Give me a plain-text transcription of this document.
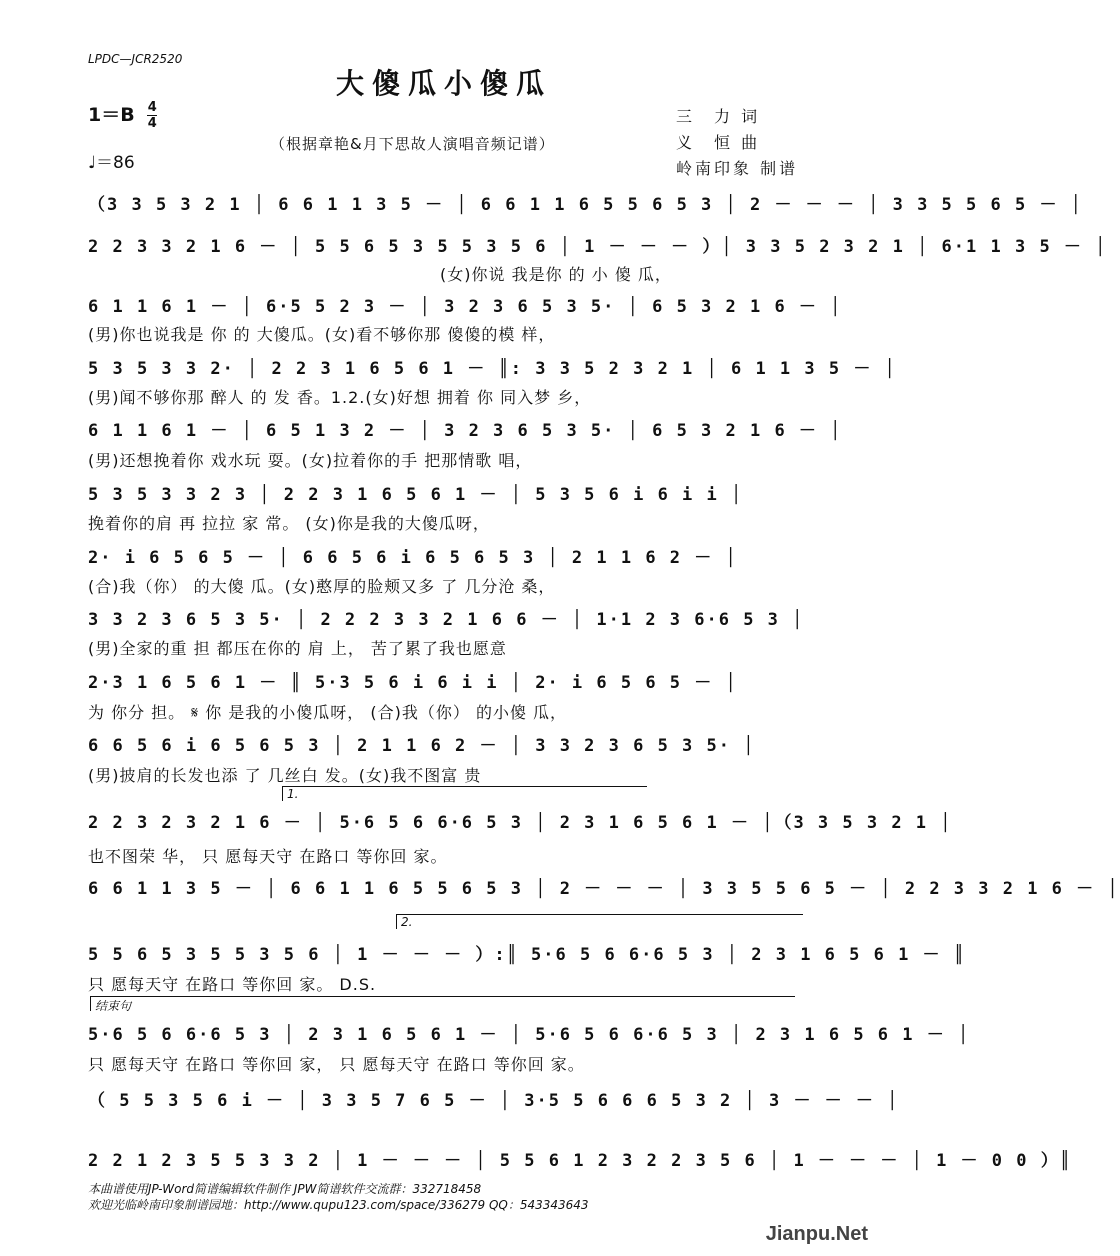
LPDC—JCR2520
大傻瓜小傻瓜
$1=B \frac{4}{4}$
♩＝86
（根据章艳&月下思故人演唱音频记谱）
三　力 词
义　恒 曲
岭南印象 制谱
（3 3 5 3 2 1 │ 6 6 1 1 3 5 － │ 6 6 1 1 6 5 5 6 5 3 │ 2 － － － │ 3 3 5 5 6 5 － │
2 2 3 3 2 1 6 － │ 5 5 6 5 3 5 5 3 5 6 │ 1 － － － ）│ 3 3 5 2 3 2 1 │ 6·1 1 3 5 － │
(女)你说 我是你 的 小 傻 瓜，
6 1 1 6 1 － │ 6·5 5 2 3 － │ 3 2 3 6 5 3 5· │ 6 5 3 2 1 6 － │
(男)你也说我是 你 的 大傻瓜。(女)看不够你那 傻傻的模 样，
5 3 5 3 3 2· │ 2 2 3 1 6 5 6 1 － ║: 3 3 5 2 3 2 1 │ 6 1 1 3 5 － │
(男)闻不够你那 醉人 的 发 香。1.2.(女)好想 拥着 你 同入梦 乡，
6 1 1 6 1 － │ 6 5 1 3 2 － │ 3 2 3 6 5 3 5· │ 6 5 3 2 1 6 － │
(男)还想挽着你 戏水玩 耍。(女)拉着你的手 把那情歌 唱，
5 3 5 3 3 2 3 │ 2 2 3 1 6 5 6 1 － │ 5 3 5 6 i 6 i i │
挽着你的肩 再 拉拉 家 常。 (女)你是我的大傻瓜呀，
2· i 6 5 6 5 － │ 6 6 5 6 i 6 5 6 5 3 │ 2 1 1 6 2 － │
(合)我（你） 的大傻 瓜。(女)憨厚的脸颊又多 了 几分沧 桑，
3 3 2 3 6 5 3 5· │ 2 2 2 3 3 2 1 6 6 － │ 1·1 2 3 6·6 5 3 │
(男)全家的重 担 都压在你的 肩 上， 苦了累了我也愿意
2·3 1 6 5 6 1 － ║ 5·3 5 6 i 6 i i │ 2· i 6 5 6 5 － │
为 你分 担。 𝄋 你 是我的小傻瓜呀， (合)我（你） 的小傻 瓜，
6 6 5 6 i 6 5 6 5 3 │ 2 1 1 6 2 － │ 3 3 2 3 6 5 3 5· │
(男)披肩的长发也添 了 几丝白 发。(女)我不图富 贵
1.
2 2 3 2 3 2 1 6 － │ 5·6 5 6 6·6 5 3 │ 2 3 1 6 5 6 1 － │（3 3 5 3 2 1 │
也不图荣 华， 只 愿每天守 在路口 等你回 家。
6 6 1 1 3 5 － │ 6 6 1 1 6 5 5 6 5 3 │ 2 － － － │ 3 3 5 5 6 5 － │ 2 2 3 3 2 1 6 － │
2.
5 5 6 5 3 5 5 3 5 6 │ 1 － － － ）:║ 5·6 5 6 6·6 5 3 │ 2 3 1 6 5 6 1 － ║
只 愿每天守 在路口 等你回 家。 D.S.
结束句
5·6 5 6 6·6 5 3 │ 2 3 1 6 5 6 1 － │ 5·6 5 6 6·6 5 3 │ 2 3 1 6 5 6 1 － │
只 愿每天守 在路口 等你回 家， 只 愿每天守 在路口 等你回 家。
（ 5 5 3 5 6 i － │ 3 3 5 7 6 5 － │ 3·5 5 6 6 6 5 3 2 │ 3 － － － │
2 2 1 2 3 5 5 3 3 2 │ 1 － － － │ 5 5 6 1 2 3 2 2 3 5 6 │ 1 － － － │ 1 － 0 0 ）║
本曲谱使用JP-Word简谱编辑软件制作 JPW简谱软件交流群：332718458
欢迎光临岭南印象制谱园地：http://www.qupu123.com/space/336279 QQ：543343643
Jianpu.Net
